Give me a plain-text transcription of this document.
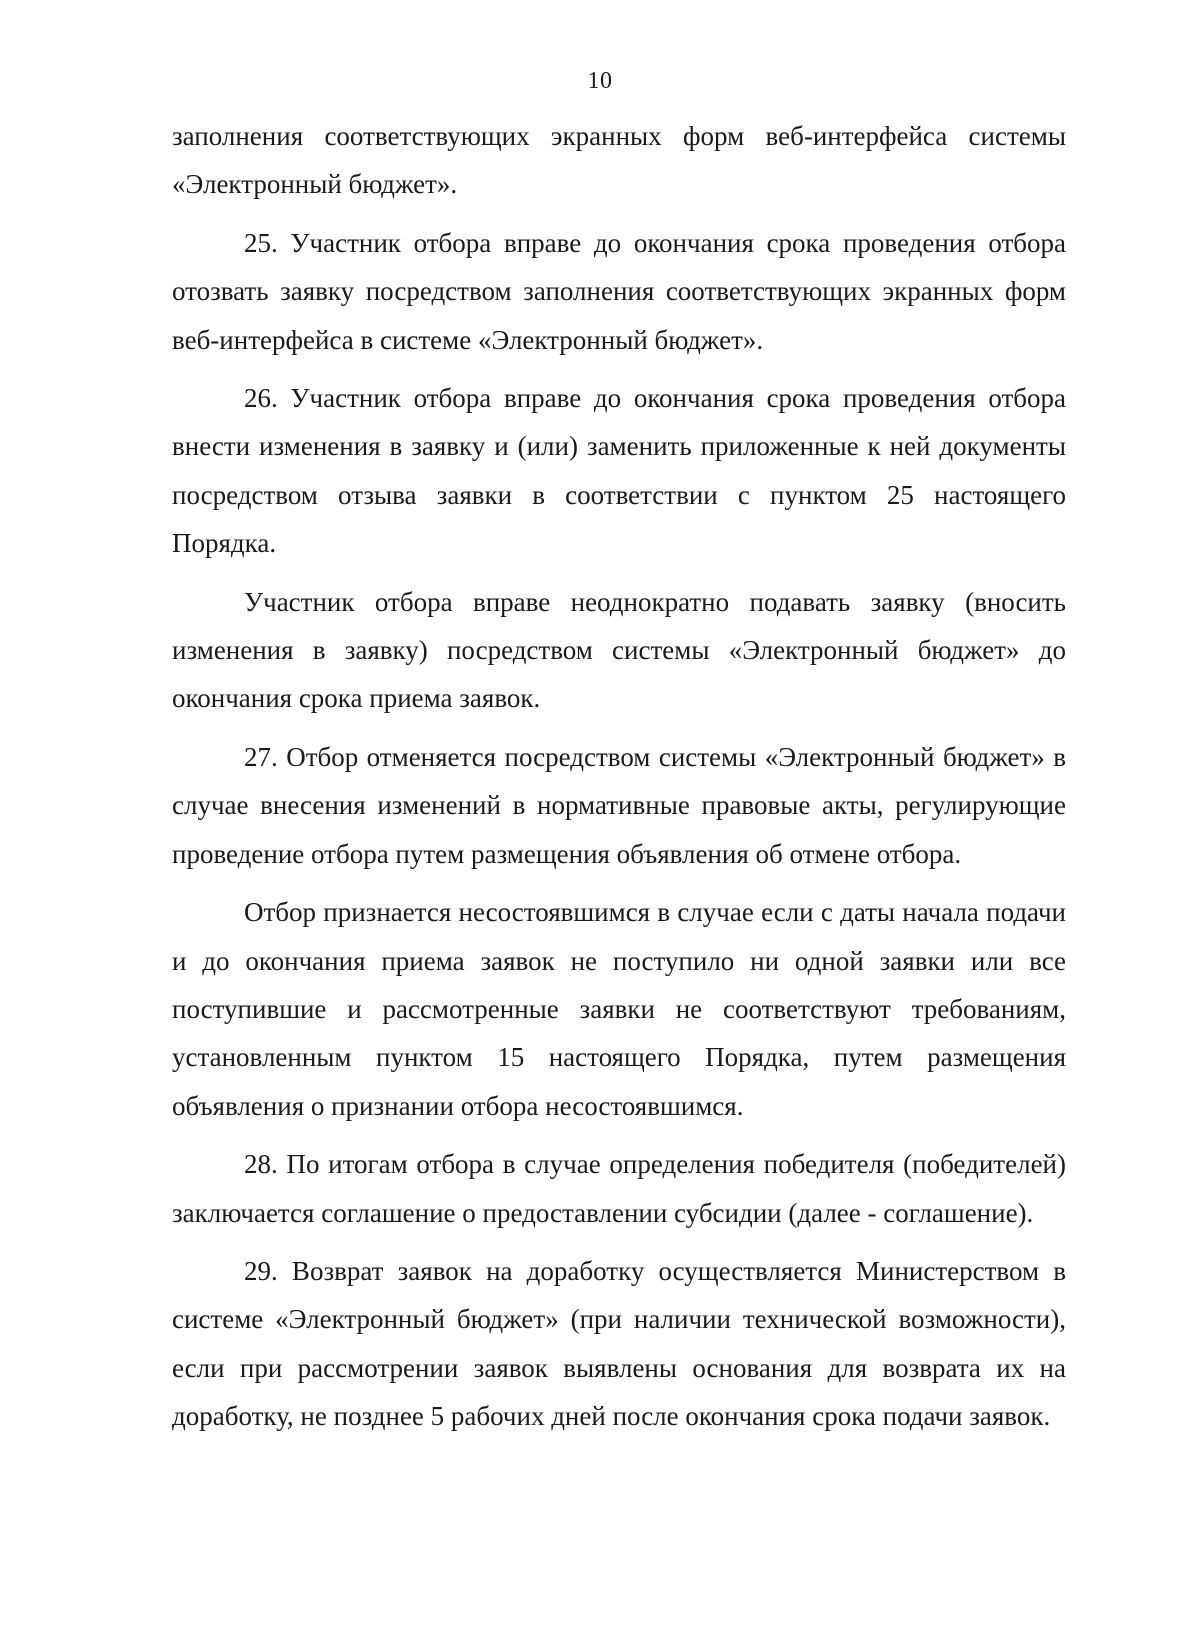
10

заполнения соответствующих экранных форм веб-интерфейса системы «Электронный бюджет».

25. Участник отбора вправе до окончания срока проведения отбора отозвать заявку посредством заполнения соответствующих экранных форм веб-интерфейса в системе «Электронный бюджет».

26. Участник отбора вправе до окончания срока проведения отбора внести изменения в заявку и (или) заменить приложенные к ней документы посредством отзыва заявки в соответствии с пунктом 25 настоящего Порядка.

Участник отбора вправе неоднократно подавать заявку (вносить изменения в заявку) посредством системы «Электронный бюджет» до окончания срока приема заявок.

27. Отбор отменяется посредством системы «Электронный бюджет» в случае внесения изменений в нормативные правовые акты, регулирующие проведение отбора путем размещения объявления об отмене отбора.

Отбор признается несостоявшимся в случае если с даты начала подачи и до окончания приема заявок не поступило ни одной заявки или все поступившие и рассмотренные заявки не соответствуют требованиям, установленным пунктом 15 настоящего Порядка, путем размещения объявления о признании отбора несостоявшимся.

28. По итогам отбора в случае определения победителя (победителей) заключается соглашение о предоставлении субсидии (далее - соглашение).

29. Возврат заявок на доработку осуществляется Министерством в системе «Электронный бюджет» (при наличии технической возможности), если при рассмотрении заявок выявлены основания для возврата их на доработку, не позднее 5 рабочих дней после окончания срока подачи заявок.
